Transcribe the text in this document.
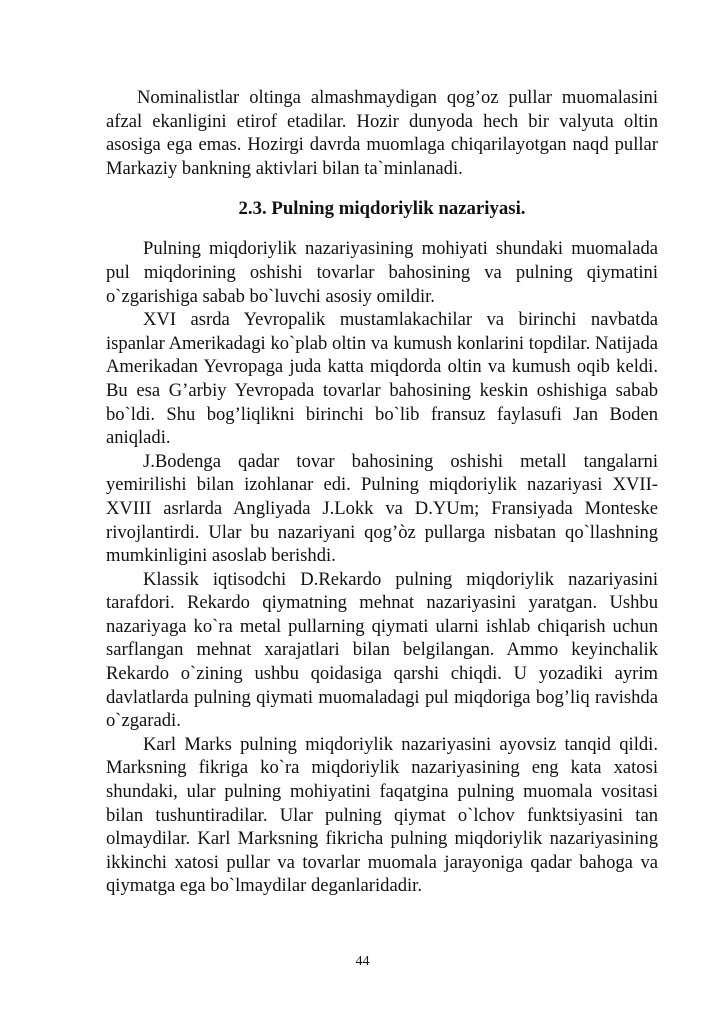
Nominalistlar oltinga almashmaydigan qog’oz pullar muomalasini afzal ekanligini etirof etadilar. Hozir dunyoda hech bir valyuta oltin asosiga ega emas. Hozirgi davrda muomlaga chiqarilayotgan naqd pullar Markaziy bankning aktivlari bilan ta`minlanadi.

2.3. Pulning miqdoriylik nazariyasi.

Pulning miqdoriylik nazariyasining mohiyati shundaki muomalada pul miqdorining oshishi tovarlar bahosining va pulning qiymatini o`zgarishiga sabab bo`luvchi asosiy omildir.

XVI asrda Yevropalik mustamlakachilar va birinchi navbatda ispanlar Amerikadagi ko`plab oltin va kumush konlarini topdilar. Natijada Amerikadan Yevropaga juda katta miqdorda oltin va kumush oqib keldi. Bu esa G’arbiy Yevropada tovarlar bahosining keskin oshishiga sabab bo`ldi. Shu bog’liqlikni birinchi bo`lib fransuz faylasufi Jan Boden aniqladi.

J.Bodenga qadar tovar bahosining oshishi metall tangalarni yemirilishi bilan izohlanar edi. Pulning miqdoriylik nazariyasi XVII-XVIII asrlarda Angliyada J.Lokk va D.YUm; Fransiyada Monteske rivojlantirdi. Ular bu nazariyani qog’òz pullarga nisbatan qo`llashning mumkinligini asoslab berishdi.

Klassik iqtisodchi D.Rekardo pulning miqdoriylik nazariyasini tarafdori. Rekardo qiymatning mehnat nazariyasini yaratgan. Ushbu nazariyaga ko`ra metal pullarning qiymati ularni ishlab chiqarish uchun sarflangan mehnat xarajatlari bilan belgilangan. Ammo keyinchalik Rekardo o`zining ushbu qoidasiga qarshi chiqdi. U yozadiki ayrim davlatlarda pulning qiymati muomaladagi pul miqdoriga bog’liq ravishda o`zgaradi.

Karl Marks pulning miqdoriylik nazariyasini ayovsiz tanqid qildi. Marksning fikriga ko`ra miqdoriylik nazariyasining eng kata xatosi shundaki, ular pulning mohiyatini faqatgina pulning muomala vositasi bilan tushuntiradilar. Ular pulning qiymat o`lchov funktsiyasini tan olmaydilar. Karl Marksning fikricha pulning miqdoriylik nazariyasining ikkinchi xatosi pullar va tovarlar muomala jarayoniga qadar bahoga va qiymatga ega bo`lmaydilar deganlaridadir.

44
